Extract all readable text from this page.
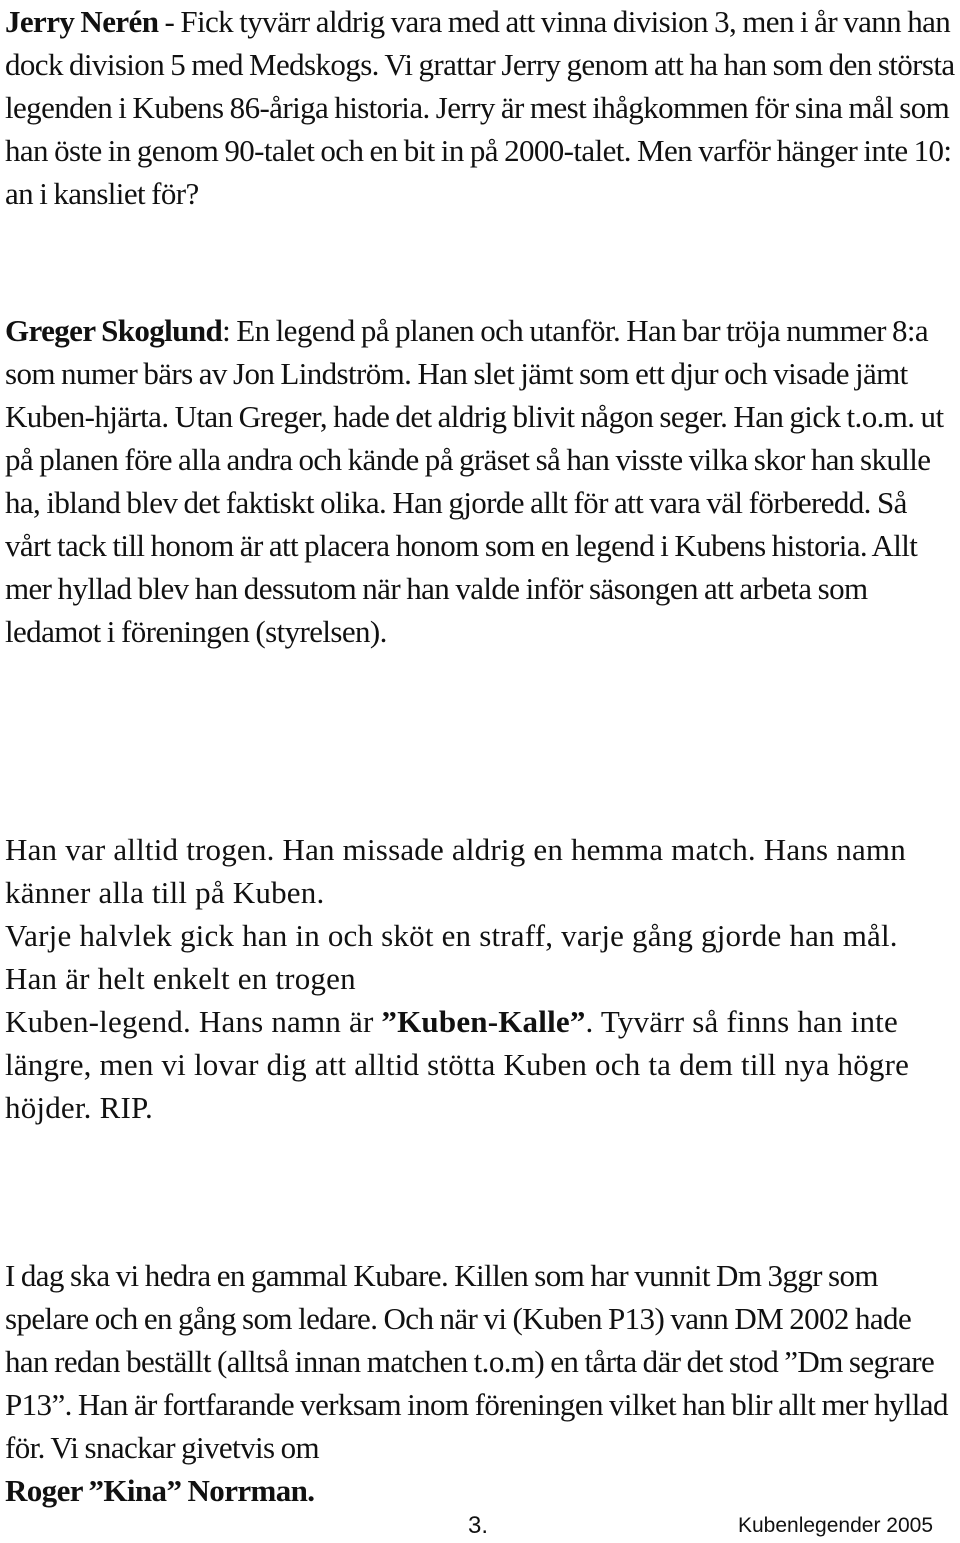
Jerry Nerén - Fick tyvärr aldrig vara med att vinna division 3, men i år vann han dock division 5 med Medskogs. Vi grattar Jerry genom att ha han som den största legenden i Kubens 86-åriga historia. Jerry är mest ihågkommen för sina mål som han öste in genom 90-talet och en bit in på 2000-talet. Men varför hänger inte 10: an i kansliet för?

Greger Skoglund: En legend på planen och utanför. Han bar tröja nummer 8:a som numer bärs av Jon Lindström. Han slet jämt som ett djur och visade jämt Kuben-hjärta. Utan Greger, hade det aldrig blivit någon seger. Han gick t.o.m. ut på planen före alla andra och kände på gräset så han visste vilka skor han skulle ha, ibland blev det faktiskt olika. Han gjorde allt för att vara väl förberedd. Så vårt tack till honom är att placera honom som en legend i Kubens historia. Allt mer hyllad blev han dessutom när han valde inför säsongen att arbeta som ledamot i föreningen (styrelsen).

Han var alltid trogen. Han missade aldrig en hemma match. Hans namn känner alla till på Kuben.
Varje halvlek gick han in och sköt en straff, varje gång gjorde han mål. Han är helt enkelt en trogen
Kuben-legend. Hans namn är ”Kuben-Kalle”. Tyvärr så finns han inte längre, men vi lovar dig att alltid stötta Kuben och ta dem till nya högre höjder. RIP.
I dag ska vi hedra en gammal Kubare. Killen som har vunnit Dm 3ggr som spelare och en gång som ledare. Och när vi (Kuben P13) vann DM 2002 hade han redan beställt (alltså innan matchen t.o.m) en tårta där det stod ”Dm segrare P13”. Han är fortfarande verksam inom föreningen vilket han blir allt mer hyllad för. Vi snackar givetvis om
Roger ”Kina” Norrman.
3.	Kubenlegender 2005
